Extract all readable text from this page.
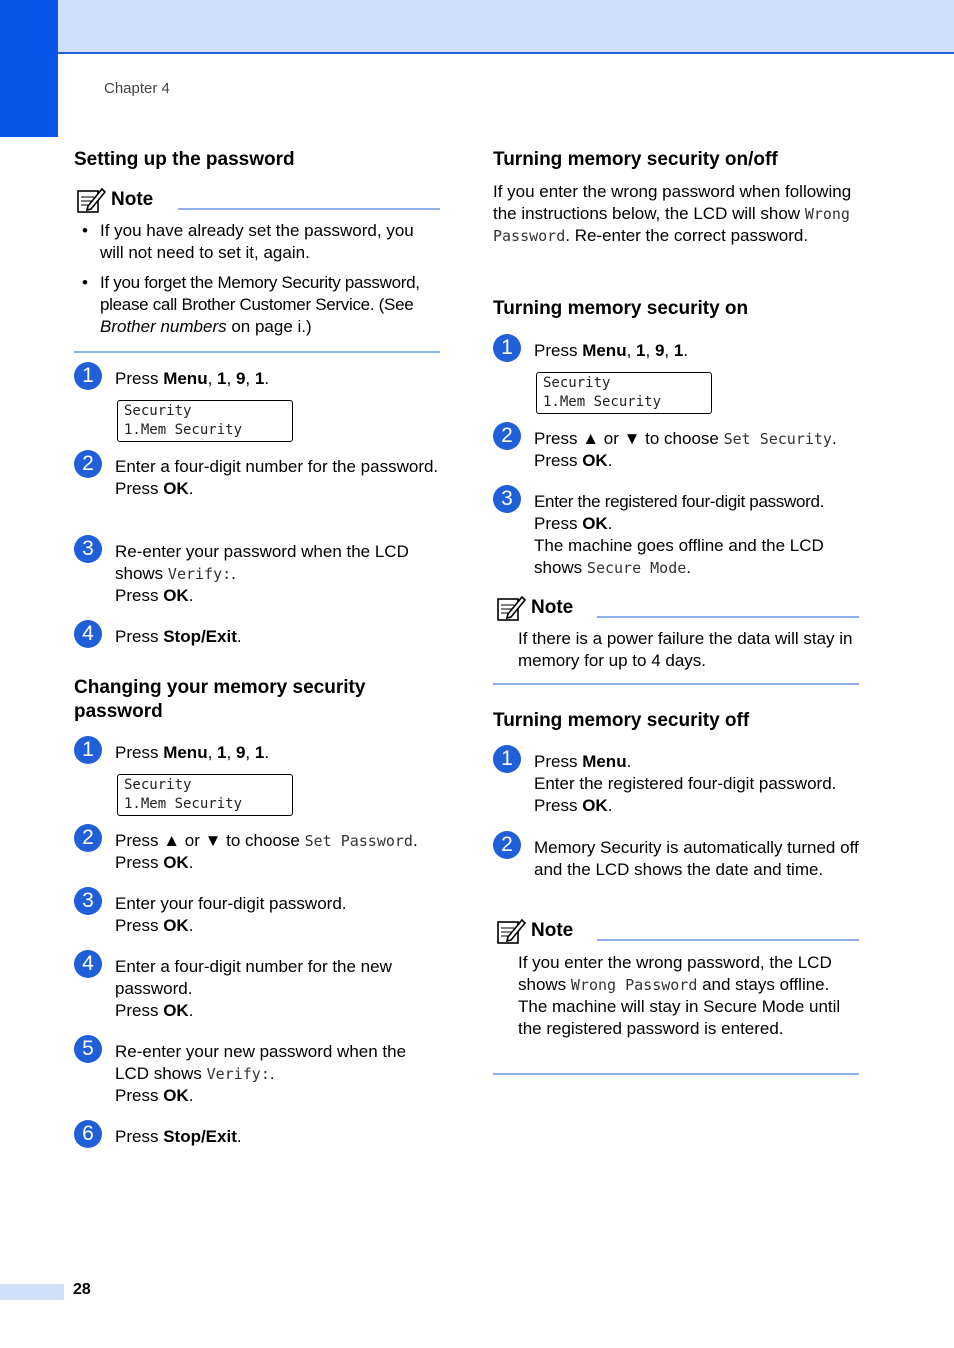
Chapter 4
Setting up the password
Note
• If you have already set the password, you will not need to set it, again.
• If you forget the Memory Security password, please call Brother Customer Service. (See Brother numbers on page i.)
1	Press Menu, 1, 9, 1.
Security
1.Mem Security
2	Enter a four-digit number for the password.
Press OK.
3	Re-enter your password when the LCD shows Verify:.
Press OK.
4	Press Stop/Exit.
Changing your memory security
password
1	Press Menu, 1, 9, 1.
Security
1.Mem Security
2	Press ▲ or ▼ to choose Set Password.
Press OK.
3	Enter your four-digit password.
Press OK.
4	Enter a four-digit number for the new password.
Press OK.
5	Re-enter your new password when the LCD shows Verify:.
Press OK.
6	Press Stop/Exit.
Turning memory security on/off
If you enter the wrong password when following the instructions below, the LCD will show Wrong Password. Re-enter the correct password.
Turning memory security on
1	Press Menu, 1, 9, 1.
Security
1.Mem Security
2	Press ▲ or ▼ to choose Set Security.
Press OK.
3	Enter the registered four-digit password.
Press OK.
The machine goes offline and the LCD shows Secure Mode.
Note
If there is a power failure the data will stay in memory for up to 4 days.
Turning memory security off
1	Press Menu.
Enter the registered four-digit password.
Press OK.
2	Memory Security is automatically turned off and the LCD shows the date and time.
Note
If you enter the wrong password, the LCD shows Wrong Password and stays offline. The machine will stay in Secure Mode until the registered password is entered.
28
